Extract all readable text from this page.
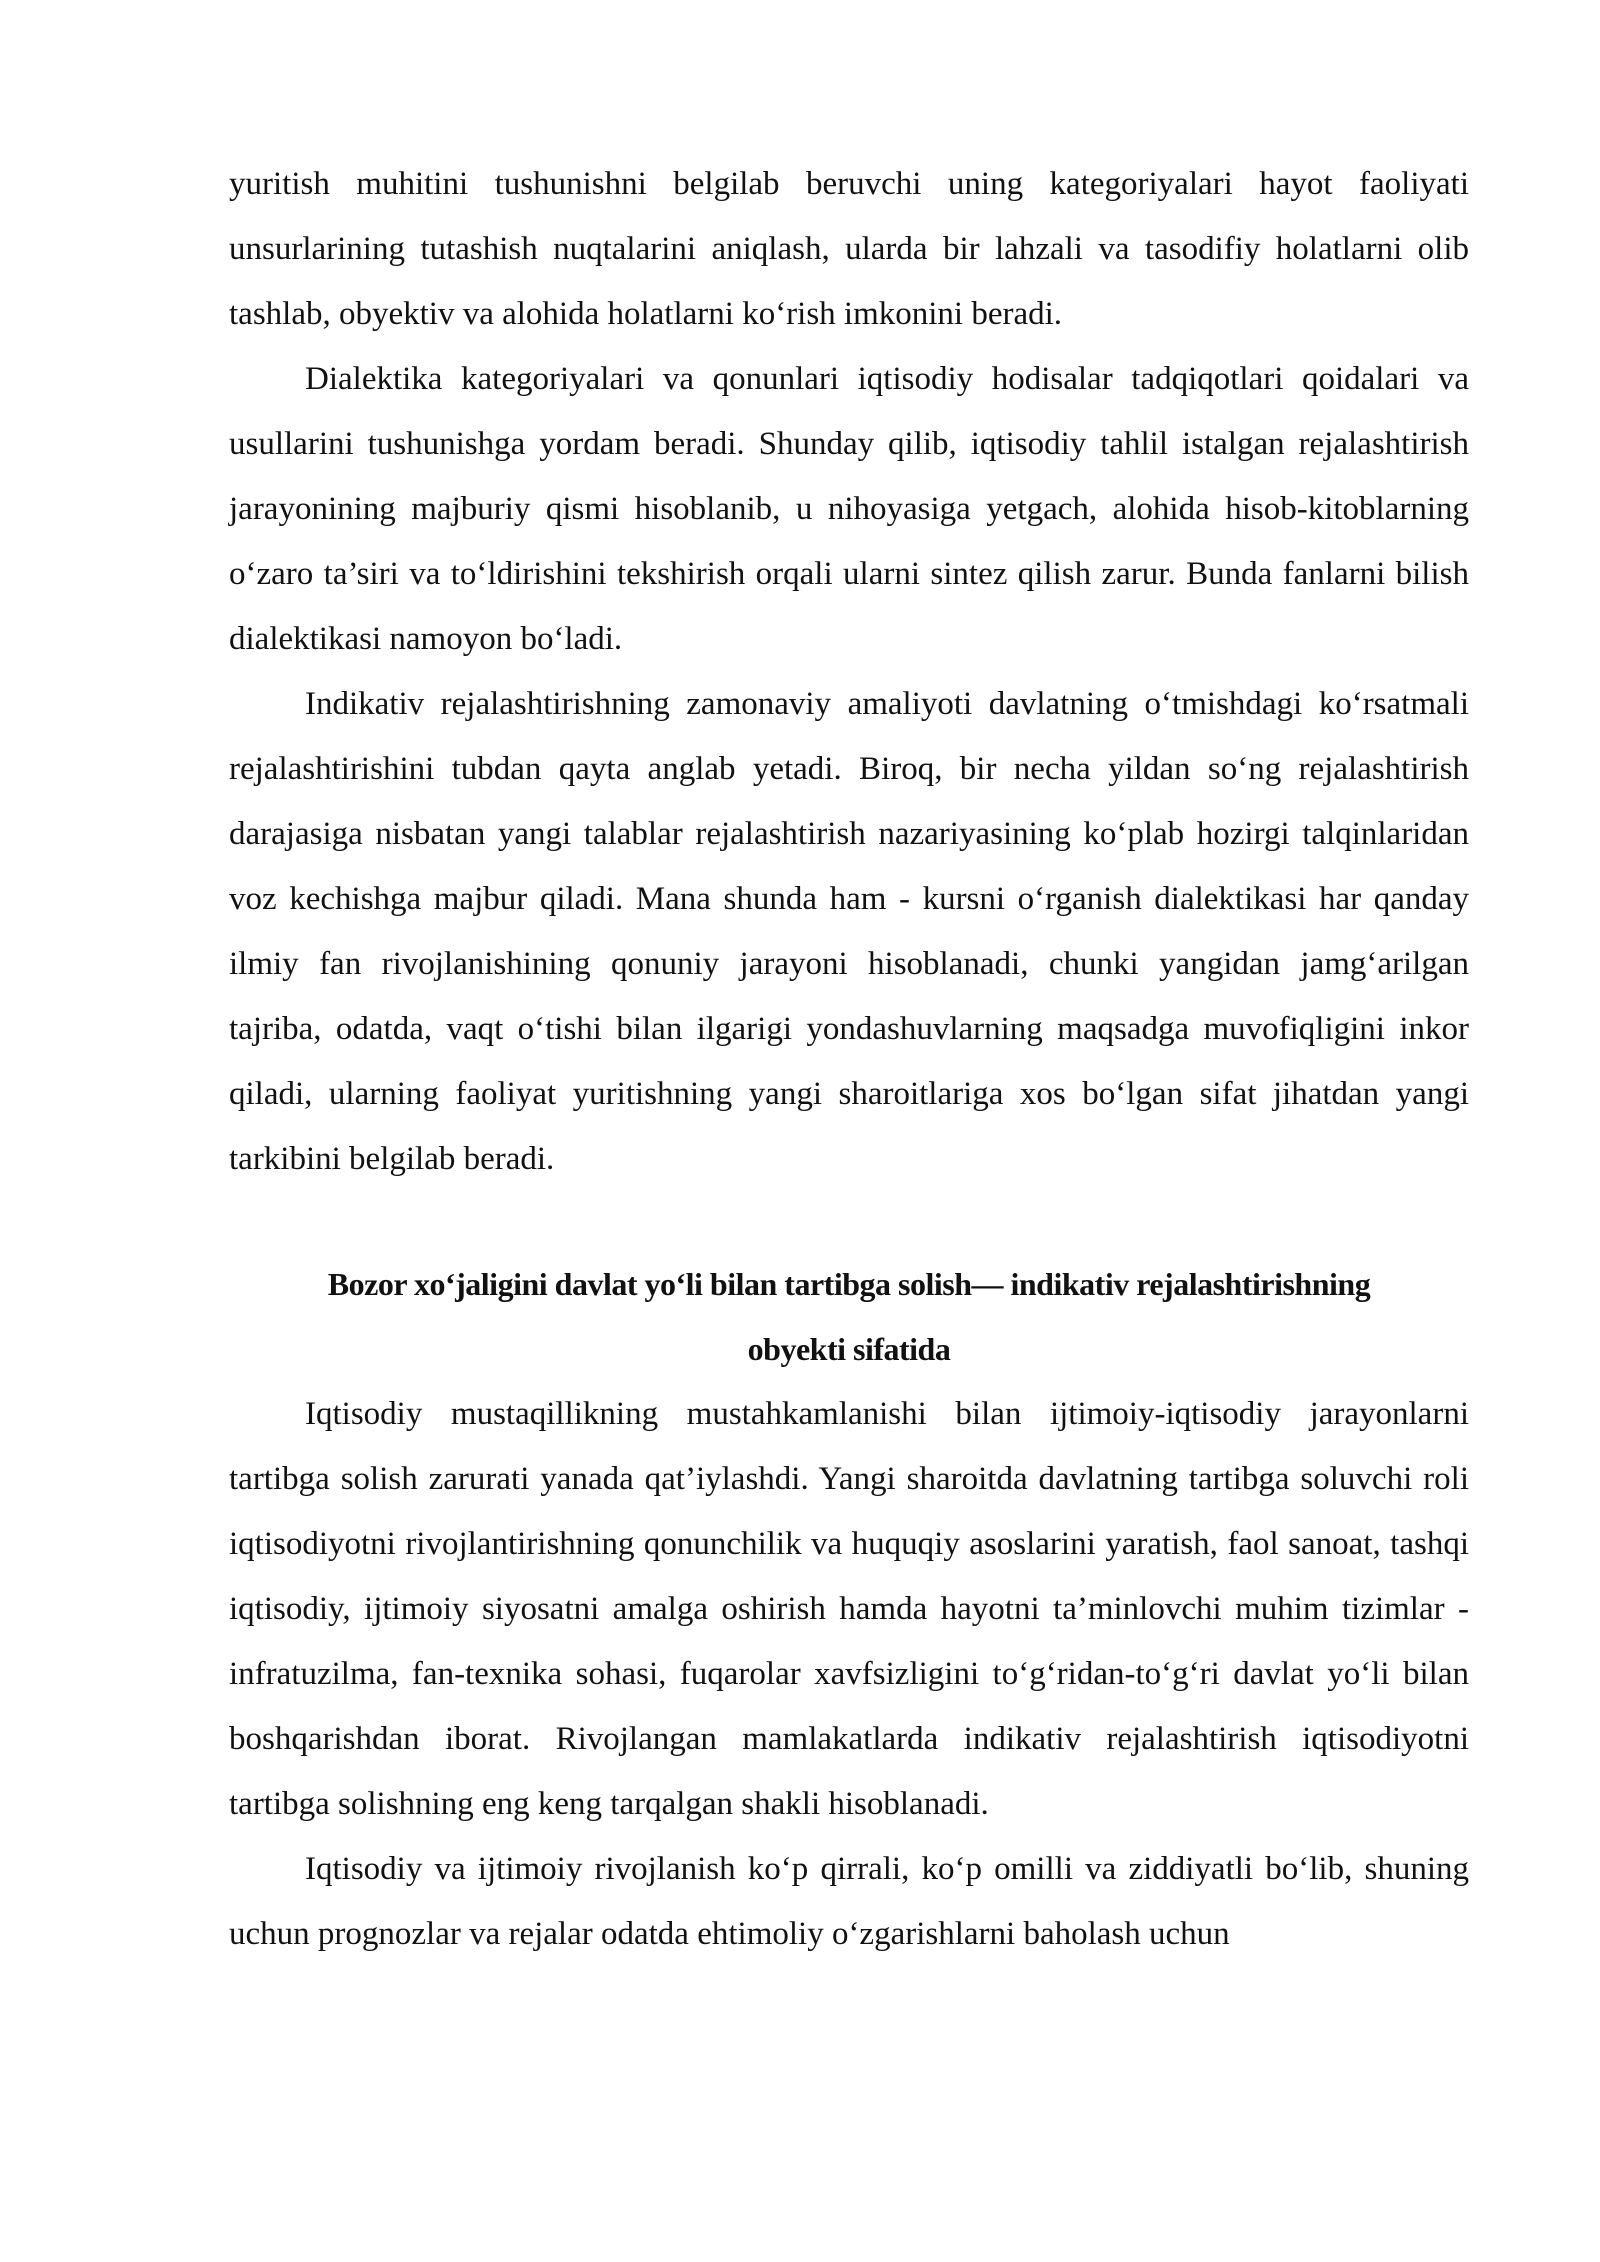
yuritish muhitini tushunishni belgilab beruvchi uning kategoriyalari hayot faoliyati unsurlarining tutashish nuqtalarini aniqlash, ularda bir lahzali va tasodifiy holatlarni olib tashlab, obyektiv va alohida holatlarni ko‘rish imkonini beradi.

Dialektika kategoriyalari va qonunlari iqtisodiy hodisalar tadqiqotlari qoidalari va usullarini tushunishga yordam beradi. Shunday qilib, iqtisodiy tahlil istalgan rejalashtirish jarayonining majburiy qismi hisoblanib, u nihoyasiga yetgach, alohida hisob-kitoblarning o‘zaro ta’siri va to‘ldirishini tekshirish orqali ularni sintez qilish zarur. Bunda fanlarni bilish dialektikasi namoyon bo‘ladi.

Indikativ rejalashtirishning zamonaviy amaliyoti davlatning o‘tmishdagi ko‘rsatmali rejalashtirishini tubdan qayta anglab yetadi. Biroq, bir necha yildan so‘ng rejalashtirish darajasiga nisbatan yangi talablar rejalashtirish nazariyasining ko‘plab hozirgi talqinlaridan voz kechishga majbur qiladi. Mana shunda ham - kursni o‘rganish dialektikasi har qanday ilmiy fan rivojlanishining qonuniy jarayoni hisoblanadi, chunki yangidan jamg‘arilgan tajriba, odatda, vaqt o‘tishi bilan ilgarigi yondashuvlarning maqsadga muvofiqligini inkor qiladi, ularning faoliyat yuritishning yangi sharoitlariga xos bo‘lgan sifat jihatdan yangi tarkibini belgilab beradi.

Bozor xo‘jaligini davlat yo‘li bilan tartibga solish— indikativ rejalashtirishning
obyekti sifatida

Iqtisodiy mustaqillikning mustahkamlanishi bilan ijtimoiy-iqtisodiy jarayonlarni tartibga solish zarurati yanada qat’iylashdi. Yangi sharoitda davlatning tartibga soluvchi roli iqtisodiyotni rivojlantirishning qonunchilik va huquqiy asoslarini yaratish, faol sanoat, tashqi iqtisodiy, ijtimoiy siyosatni amalga oshirish hamda hayotni ta’minlovchi muhim tizimlar - infratuzilma, fan-texnika sohasi, fuqarolar xavfsizligini to‘g‘ridan-to‘g‘ri davlat yo‘li bilan boshqarishdan iborat. Rivojlangan mamlakatlarda indikativ rejalashtirish iqtisodiyotni tartibga solishning eng keng tarqalgan shakli hisoblanadi.

Iqtisodiy va ijtimoiy rivojlanish ko‘p qirrali, ko‘p omilli va ziddiyatli bo‘lib, shuning uchun prognozlar va rejalar odatda ehtimoliy o‘zgarishlarni baholash uchun
